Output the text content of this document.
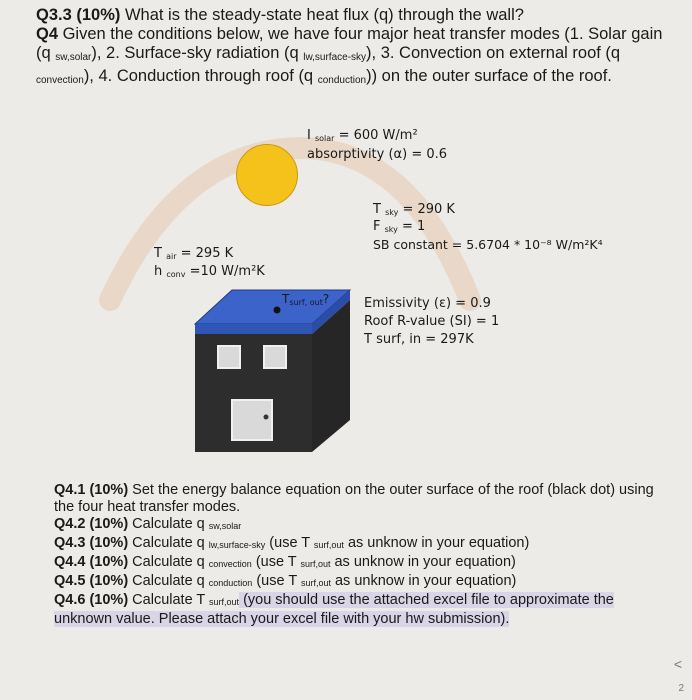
Q3.3 (10%) What is the steady-state heat flux (q) through the wall?

Q4 Given the conditions below, we have four major heat transfer modes (1. Solar gain (q $_{sw,solar}$), 2. Surface-sky radiation (q $_{lw,surface-sky}$), 3. Convection on external roof (q $_{convection}$), 4. Conduction through roof (q $_{conduction}$)) on the outer surface of the roof.

I solar = 600 W/m²
absorptivity (α) = 0.6
T sky = 290 K
F sky = 1
SB constant = 5.6704 * 10⁻⁸ W/m²K⁴
T air = 295 K
h conv =10 W/m²K
Tsurf, out?	Emissivity (ε) = 0.9
Roof R-value (SI) = 1
T surf, in = 297K

Q4.1 (10%) Set the energy balance equation on the outer surface of the roof (black dot) using the four heat transfer modes.

Q4.2 (10%) Calculate q sw,solar

Q4.3 (10%) Calculate q lw,surface-sky (use T surf,out as unknow in your equation)

Q4.4 (10%) Calculate q convection (use T surf,out as unknow in your equation)

Q4.5 (10%) Calculate q conduction (use T surf,out as unknow in your equation)

Q4.6 (10%) Calculate T surf,out (you should use the attached excel file to approximate the unknown value. Please attach your excel file with your hw submission).

<
2
